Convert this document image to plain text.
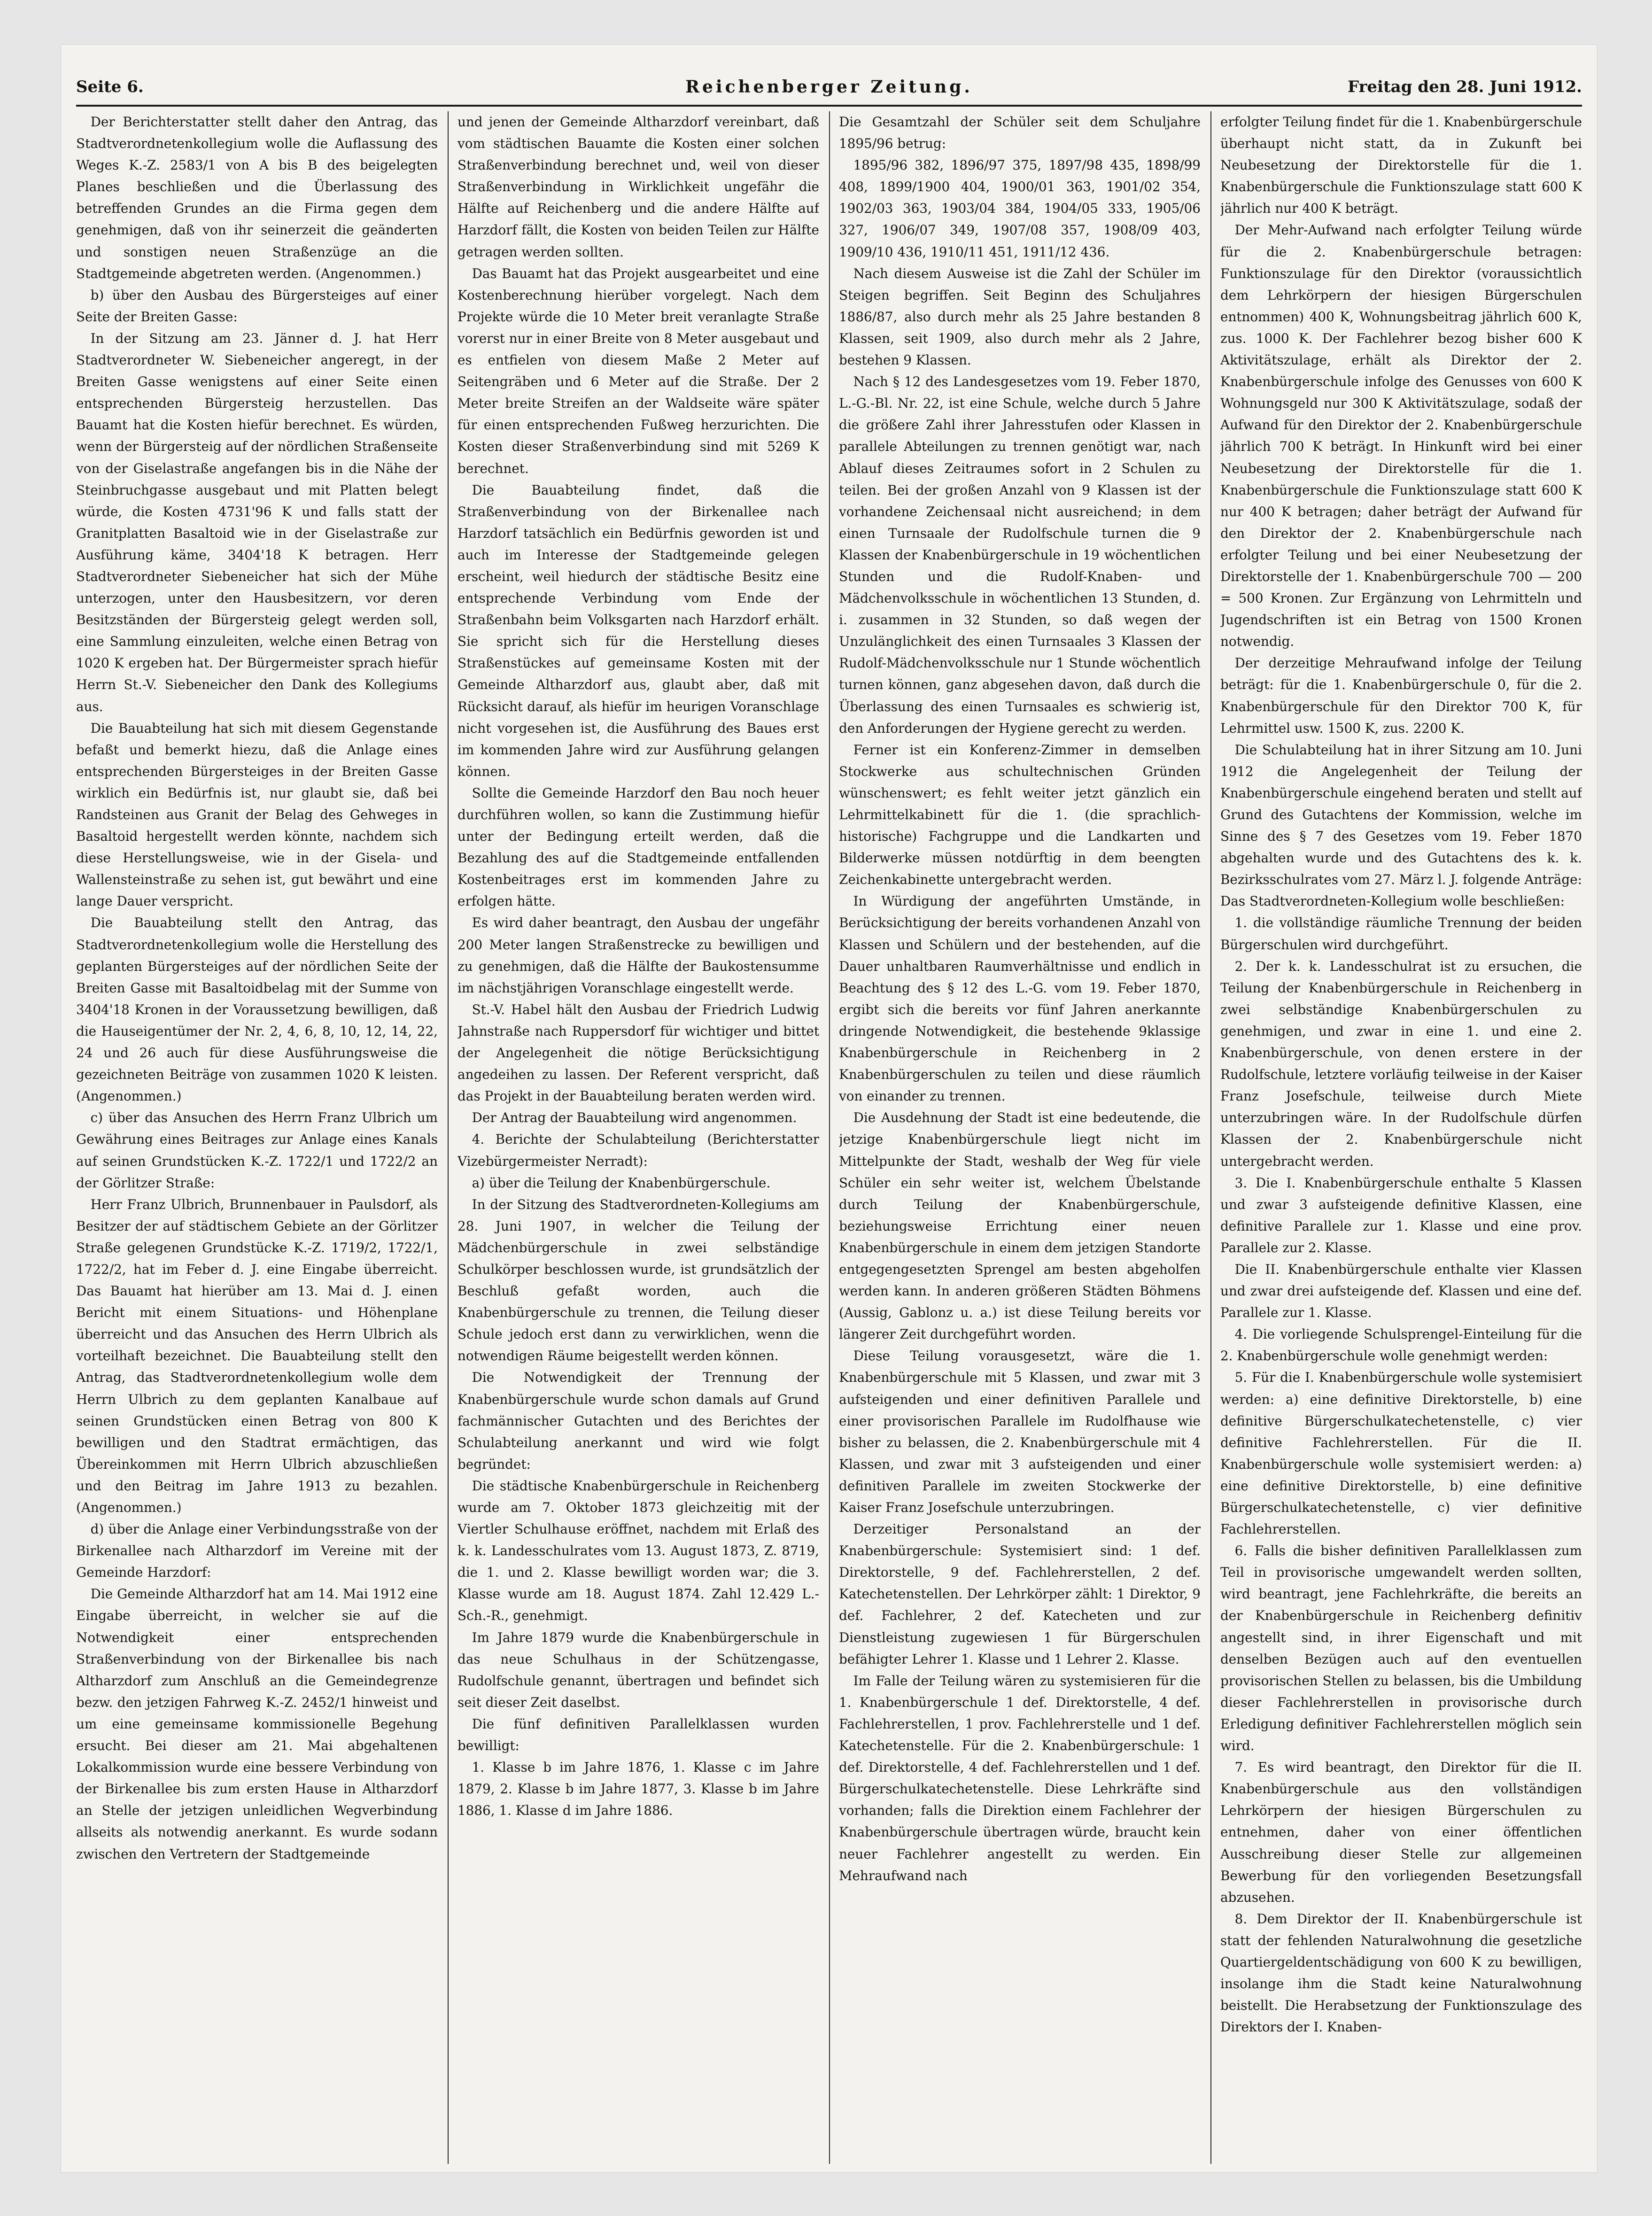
Seite 6.	Reichenberger Zeitung.	Freitag den 28. Juni 1912.

Der Berichterstatter stellt daher den Antrag, das Stadtverordnetenkollegium wolle die Auflassung des Weges K.-Z. 2583/1 von A bis B des beigelegten Planes beschließen und die Überlassung des betreffenden Grundes an die Firma gegen dem genehmigen, daß von ihr seinerzeit die geänderten und sonstigen neuen Straßenzüge an die Stadtgemeinde abgetreten werden. (Angenommen.)

b) über den Ausbau des Bürgersteiges auf einer Seite der Breiten Gasse:

In der Sitzung am 23. Jänner d. J. hat Herr Stadtverordneter W. Siebeneicher angeregt, in der Breiten Gasse wenigstens auf einer Seite einen entsprechenden Bürgersteig herzustellen. Das Bauamt hat die Kosten hiefür berechnet. Es würden, wenn der Bürgersteig auf der nördlichen Straßenseite von der Giselastraße angefangen bis in die Nähe der Steinbruchgasse ausgebaut und mit Platten belegt würde, die Kosten 4731'96 K und falls statt der Granitplatten Basaltoid wie in der Giselastraße zur Ausführung käme, 3404'18 K betragen. Herr Stadtverordneter Siebeneicher hat sich der Mühe unterzogen, unter den Hausbesitzern, vor deren Besitzständen der Bürgersteig gelegt werden soll, eine Sammlung einzuleiten, welche einen Betrag von 1020 K ergeben hat. Der Bürgermeister sprach hiefür Herrn St.-V. Siebeneicher den Dank des Kollegiums aus.

Die Bauabteilung hat sich mit diesem Gegenstande befaßt und bemerkt hiezu, daß die Anlage eines entsprechenden Bürgersteiges in der Breiten Gasse wirklich ein Bedürfnis ist, nur glaubt sie, daß bei Randsteinen aus Granit der Belag des Gehweges in Basaltoid hergestellt werden könnte, nachdem sich diese Herstellungsweise, wie in der Gisela- und Wallensteinstraße zu sehen ist, gut bewährt und eine lange Dauer verspricht.

Die Bauabteilung stellt den Antrag, das Stadtverordnetenkollegium wolle die Herstellung des geplanten Bürgersteiges auf der nördlichen Seite der Breiten Gasse mit Basaltoidbelag mit der Summe von 3404'18 Kronen in der Voraussetzung bewilligen, daß die Hauseigentümer der Nr. 2, 4, 6, 8, 10, 12, 14, 22, 24 und 26 auch für diese Ausführungsweise die gezeichneten Beiträge von zusammen 1020 K leisten. (Angenommen.)

c) über das Ansuchen des Herrn Franz Ulbrich um Gewährung eines Beitrages zur Anlage eines Kanals auf seinen Grundstücken K.-Z. 1722/1 und 1722/2 an der Görlitzer Straße:

Herr Franz Ulbrich, Brunnenbauer in Paulsdorf, als Besitzer der auf städtischem Gebiete an der Görlitzer Straße gelegenen Grundstücke K.-Z. 1719/2, 1722/1, 1722/2, hat im Feber d. J. eine Eingabe überreicht. Das Bauamt hat hierüber am 13. Mai d. J. einen Bericht mit einem Situations- und Höhenplane überreicht und das Ansuchen des Herrn Ulbrich als vorteilhaft bezeichnet. Die Bauabteilung stellt den Antrag, das Stadtverordnetenkollegium wolle dem Herrn Ulbrich zu dem geplanten Kanalbaue auf seinen Grundstücken einen Betrag von 800 K bewilligen und den Stadtrat ermächtigen, das Übereinkommen mit Herrn Ulbrich abzuschließen und den Beitrag im Jahre 1913 zu bezahlen. (Angenommen.)

d) über die Anlage einer Verbindungsstraße von der Birkenallee nach Altharzdorf im Vereine mit der Gemeinde Harzdorf:

Die Gemeinde Altharzdorf hat am 14. Mai 1912 eine Eingabe überreicht, in welcher sie auf die Notwendigkeit einer entsprechenden Straßenverbindung von der Birkenallee bis nach Altharzdorf zum Anschluß an die Gemeindegrenze bezw. den jetzigen Fahrweg K.-Z. 2452/1 hinweist und um eine gemeinsame kommissionelle Begehung ersucht. Bei dieser am 21. Mai abgehaltenen Lokalkommission wurde eine bessere Verbindung von der Birkenallee bis zum ersten Hause in Altharzdorf an Stelle der jetzigen unleidlichen Wegverbindung allseits als notwendig anerkannt. Es wurde sodann zwischen den Vertretern der Stadtgemeinde

und jenen der Gemeinde Altharzdorf vereinbart, daß vom städtischen Bauamte die Kosten einer solchen Straßenverbindung berechnet und, weil von dieser Straßenverbindung in Wirklichkeit ungefähr die Hälfte auf Reichenberg und die andere Hälfte auf Harzdorf fällt, die Kosten von beiden Teilen zur Hälfte getragen werden sollten.

Das Bauamt hat das Projekt ausgearbeitet und eine Kostenberechnung hierüber vorgelegt. Nach dem Projekte würde die 10 Meter breit veranlagte Straße vorerst nur in einer Breite von 8 Meter ausgebaut und es entfielen von diesem Maße 2 Meter auf Seitengräben und 6 Meter auf die Straße. Der 2 Meter breite Streifen an der Waldseite wäre später für einen entsprechenden Fußweg herzurichten. Die Kosten dieser Straßenverbindung sind mit 5269 K berechnet.

Die Bauabteilung findet, daß die Straßenverbindung von der Birkenallee nach Harzdorf tatsächlich ein Bedürfnis geworden ist und auch im Interesse der Stadtgemeinde gelegen erscheint, weil hiedurch der städtische Besitz eine entsprechende Verbindung vom Ende der Straßenbahn beim Volksgarten nach Harzdorf erhält. Sie spricht sich für die Herstellung dieses Straßenstückes auf gemeinsame Kosten mit der Gemeinde Altharzdorf aus, glaubt aber, daß mit Rücksicht darauf, als hiefür im heurigen Voranschlage nicht vorgesehen ist, die Ausführung des Baues erst im kommenden Jahre wird zur Ausführung gelangen können.

Sollte die Gemeinde Harzdorf den Bau noch heuer durchführen wollen, so kann die Zustimmung hiefür unter der Bedingung erteilt werden, daß die Bezahlung des auf die Stadtgemeinde entfallenden Kostenbeitrages erst im kommenden Jahre zu erfolgen hätte.

Es wird daher beantragt, den Ausbau der ungefähr 200 Meter langen Straßenstrecke zu bewilligen und zu genehmigen, daß die Hälfte der Baukostensumme im nächstjährigen Voranschlage eingestellt werde.

St.-V. Habel hält den Ausbau der Friedrich Ludwig Jahnstraße nach Ruppersdorf für wichtiger und bittet der Angelegenheit die nötige Berücksichtigung angedeihen zu lassen. Der Referent verspricht, daß das Projekt in der Bauabteilung beraten werden wird.

Der Antrag der Bauabteilung wird angenommen.

4. Berichte der Schulabteilung (Berichterstatter Vizebürgermeister Nerradt):

a) über die Teilung der Knabenbürgerschule.

In der Sitzung des Stadtverordneten-Kollegiums am 28. Juni 1907, in welcher die Teilung der Mädchenbürgerschule in zwei selbständige Schulkörper beschlossen wurde, ist grundsätzlich der Beschluß gefaßt worden, auch die Knabenbürgerschule zu trennen, die Teilung dieser Schule jedoch erst dann zu verwirklichen, wenn die notwendigen Räume beigestellt werden können.

Die Notwendigkeit der Trennung der Knabenbürgerschule wurde schon damals auf Grund fachmännischer Gutachten und des Berichtes der Schulabteilung anerkannt und wird wie folgt begründet:

Die städtische Knabenbürgerschule in Reichenberg wurde am 7. Oktober 1873 gleichzeitig mit der Viertler Schulhause eröffnet, nachdem mit Erlaß des k. k. Landesschulrates vom 13. August 1873, Z. 8719, die 1. und 2. Klasse bewilligt worden war; die 3. Klasse wurde am 18. August 1874. Zahl 12.429 L.-Sch.-R., genehmigt.

Im Jahre 1879 wurde die Knabenbürgerschule in das neue Schulhaus in der Schützengasse, Rudolfschule genannt, übertragen und befindet sich seit dieser Zeit daselbst.

Die fünf definitiven Parallelklassen wurden bewilligt:

1. Klasse b im Jahre 1876, 1. Klasse c im Jahre 1879, 2. Klasse b im Jahre 1877, 3. Klasse b im Jahre 1886, 1. Klasse d im Jahre 1886.

Die Gesamtzahl der Schüler seit dem Schuljahre 1895/96 betrug:

1895/96 382, 1896/97 375, 1897/98 435, 1898/99 408, 1899/1900 404, 1900/01 363, 1901/02 354, 1902/03 363, 1903/04 384, 1904/05 333, 1905/06 327, 1906/07 349, 1907/08 357, 1908/09 403, 1909/10 436, 1910/11 451, 1911/12 436.

Nach diesem Ausweise ist die Zahl der Schüler im Steigen begriffen. Seit Beginn des Schuljahres 1886/87, also durch mehr als 25 Jahre bestanden 8 Klassen, seit 1909, also durch mehr als 2 Jahre, bestehen 9 Klassen.

Nach § 12 des Landesgesetzes vom 19. Feber 1870, L.-G.-Bl. Nr. 22, ist eine Schule, welche durch 5 Jahre die größere Zahl ihrer Jahresstufen oder Klassen in parallele Abteilungen zu trennen genötigt war, nach Ablauf dieses Zeitraumes sofort in 2 Schulen zu teilen. Bei der großen Anzahl von 9 Klassen ist der vorhandene Zeichensaal nicht ausreichend; in dem einen Turnsaale der Rudolfschule turnen die 9 Klassen der Knabenbürgerschule in 19 wöchentlichen Stunden und die Rudolf-Knaben- und Mädchenvolksschule in wöchentlichen 13 Stunden, d. i. zusammen in 32 Stunden, so daß wegen der Unzulänglichkeit des einen Turnsaales 3 Klassen der Rudolf-Mädchenvolksschule nur 1 Stunde wöchentlich turnen können, ganz abgesehen davon, daß durch die Überlassung des einen Turnsaales es schwierig ist, den Anforderungen der Hygiene gerecht zu werden.

Ferner ist ein Konferenz-Zimmer in demselben Stockwerke aus schultechnischen Gründen wünschenswert; es fehlt weiter jetzt gänzlich ein Lehrmittelkabinett für die 1. (die sprachlich-historische) Fachgruppe und die Landkarten und Bilderwerke müssen notdürftig in dem beengten Zeichenkabinette untergebracht werden.

In Würdigung der angeführten Umstände, in Berücksichtigung der bereits vorhandenen Anzahl von Klassen und Schülern und der bestehenden, auf die Dauer unhaltbaren Raumverhältnisse und endlich in Beachtung des § 12 des L.-G. vom 19. Feber 1870, ergibt sich die bereits vor fünf Jahren anerkannte dringende Notwendigkeit, die bestehende 9klassige Knabenbürgerschule in Reichenberg in 2 Knabenbürgerschulen zu teilen und diese räumlich von einander zu trennen.

Die Ausdehnung der Stadt ist eine bedeutende, die jetzige Knabenbürgerschule liegt nicht im Mittelpunkte der Stadt, weshalb der Weg für viele Schüler ein sehr weiter ist, welchem Übelstande durch Teilung der Knabenbürgerschule, beziehungsweise Errichtung einer neuen Knabenbürgerschule in einem dem jetzigen Standorte entgegengesetzten Sprengel am besten abgeholfen werden kann. In anderen größeren Städten Böhmens (Aussig, Gablonz u. a.) ist diese Teilung bereits vor längerer Zeit durchgeführt worden.

Diese Teilung vorausgesetzt, wäre die 1. Knabenbürgerschule mit 5 Klassen, und zwar mit 3 aufsteigenden und einer definitiven Parallele und einer provisorischen Parallele im Rudolfhause wie bisher zu belassen, die 2. Knabenbürgerschule mit 4 Klassen, und zwar mit 3 aufsteigenden und einer definitiven Parallele im zweiten Stockwerke der Kaiser Franz Josefschule unterzubringen.

Derzeitiger Personalstand an der Knabenbürgerschule: Systemisiert sind: 1 def. Direktorstelle, 9 def. Fachlehrerstellen, 2 def. Katechetenstellen. Der Lehrkörper zählt: 1 Direktor, 9 def. Fachlehrer, 2 def. Katecheten und zur Dienstleistung zugewiesen 1 für Bürgerschulen befähigter Lehrer 1. Klasse und 1 Lehrer 2. Klasse.

Im Falle der Teilung wären zu systemisieren für die 1. Knabenbürgerschule 1 def. Direktorstelle, 4 def. Fachlehrerstellen, 1 prov. Fachlehrerstelle und 1 def. Katechetenstelle. Für die 2. Knabenbürgerschule: 1 def. Direktorstelle, 4 def. Fachlehrerstellen und 1 def. Bürgerschulkatechetenstelle. Diese Lehrkräfte sind vorhanden; falls die Direktion einem Fachlehrer der Knabenbürgerschule übertragen würde, braucht kein neuer Fachlehrer angestellt zu werden. Ein Mehraufwand nach

erfolgter Teilung findet für die 1. Knabenbürgerschule überhaupt nicht statt, da in Zukunft bei Neubesetzung der Direktorstelle für die 1. Knabenbürgerschule die Funktionszulage statt 600 K jährlich nur 400 K beträgt.

Der Mehr-Aufwand nach erfolgter Teilung würde für die 2. Knabenbürgerschule betragen: Funktionszulage für den Direktor (voraussichtlich dem Lehrkörpern der hiesigen Bürgerschulen entnommen) 400 K, Wohnungsbeitrag jährlich 600 K, zus. 1000 K. Der Fachlehrer bezog bisher 600 K Aktivitätszulage, erhält als Direktor der 2. Knabenbürgerschule infolge des Genusses von 600 K Wohnungsgeld nur 300 K Aktivitätszulage, sodaß der Aufwand für den Direktor der 2. Knabenbürgerschule jährlich 700 K beträgt. In Hinkunft wird bei einer Neubesetzung der Direktorstelle für die 1. Knabenbürgerschule die Funktionszulage statt 600 K nur 400 K betragen; daher beträgt der Aufwand für den Direktor der 2. Knabenbürgerschule nach erfolgter Teilung und bei einer Neubesetzung der Direktorstelle der 1. Knabenbürgerschule 700 — 200 = 500 Kronen. Zur Ergänzung von Lehrmitteln und Jugendschriften ist ein Betrag von 1500 Kronen notwendig.

Der derzeitige Mehraufwand infolge der Teilung beträgt: für die 1. Knabenbürgerschule 0, für die 2. Knabenbürgerschule für den Direktor 700 K, für Lehrmittel usw. 1500 K, zus. 2200 K.

Die Schulabteilung hat in ihrer Sitzung am 10. Juni 1912 die Angelegenheit der Teilung der Knabenbürgerschule eingehend beraten und stellt auf Grund des Gutachtens der Kommission, welche im Sinne des § 7 des Gesetzes vom 19. Feber 1870 abgehalten wurde und des Gutachtens des k. k. Bezirksschulrates vom 27. März l. J. folgende Anträge: Das Stadtverordneten-Kollegium wolle beschließen:

1. die vollständige räumliche Trennung der beiden Bürgerschulen wird durchgeführt.

2. Der k. k. Landesschulrat ist zu ersuchen, die Teilung der Knabenbürgerschule in Reichenberg in zwei selbständige Knabenbürgerschulen zu genehmigen, und zwar in eine 1. und eine 2. Knabenbürgerschule, von denen erstere in der Rudolfschule, letztere vorläufig teilweise in der Kaiser Franz Josefschule, teilweise durch Miete unterzubringen wäre. In der Rudolfschule dürfen Klassen der 2. Knabenbürgerschule nicht untergebracht werden.

3. Die I. Knabenbürgerschule enthalte 5 Klassen und zwar 3 aufsteigende definitive Klassen, eine definitive Parallele zur 1. Klasse und eine prov. Parallele zur 2. Klasse.

Die II. Knabenbürgerschule enthalte vier Klassen und zwar drei aufsteigende def. Klassen und eine def. Parallele zur 1. Klasse.

4. Die vorliegende Schulsprengel-Einteilung für die 2. Knabenbürgerschule wolle genehmigt werden:

5. Für die I. Knabenbürgerschule wolle systemisiert werden: a) eine definitive Direktorstelle, b) eine definitive Bürgerschulkatechetenstelle, c) vier definitive Fachlehrerstellen. Für die II. Knabenbürgerschule wolle systemisiert werden: a) eine definitive Direktorstelle, b) eine definitive Bürgerschulkatechetenstelle, c) vier definitive Fachlehrerstellen.

6. Falls die bisher definitiven Parallelklassen zum Teil in provisorische umgewandelt werden sollten, wird beantragt, jene Fachlehrkräfte, die bereits an der Knabenbürgerschule in Reichenberg definitiv angestellt sind, in ihrer Eigenschaft und mit denselben Bezügen auch auf den eventuellen provisorischen Stellen zu belassen, bis die Umbildung dieser Fachlehrerstellen in provisorische durch Erledigung definitiver Fachlehrerstellen möglich sein wird.

7. Es wird beantragt, den Direktor für die II. Knabenbürgerschule aus den vollständigen Lehrkörpern der hiesigen Bürgerschulen zu entnehmen, daher von einer öffentlichen Ausschreibung dieser Stelle zur allgemeinen Bewerbung für den vorliegenden Besetzungsfall abzusehen.

8. Dem Direktor der II. Knabenbürgerschule ist statt der fehlenden Naturalwohnung die gesetzliche Quartiergeldentschädigung von 600 K zu bewilligen, insolange ihm die Stadt keine Naturalwohnung beistellt. Die Herabsetzung der Funktionszulage des Direktors der I. Knaben-
